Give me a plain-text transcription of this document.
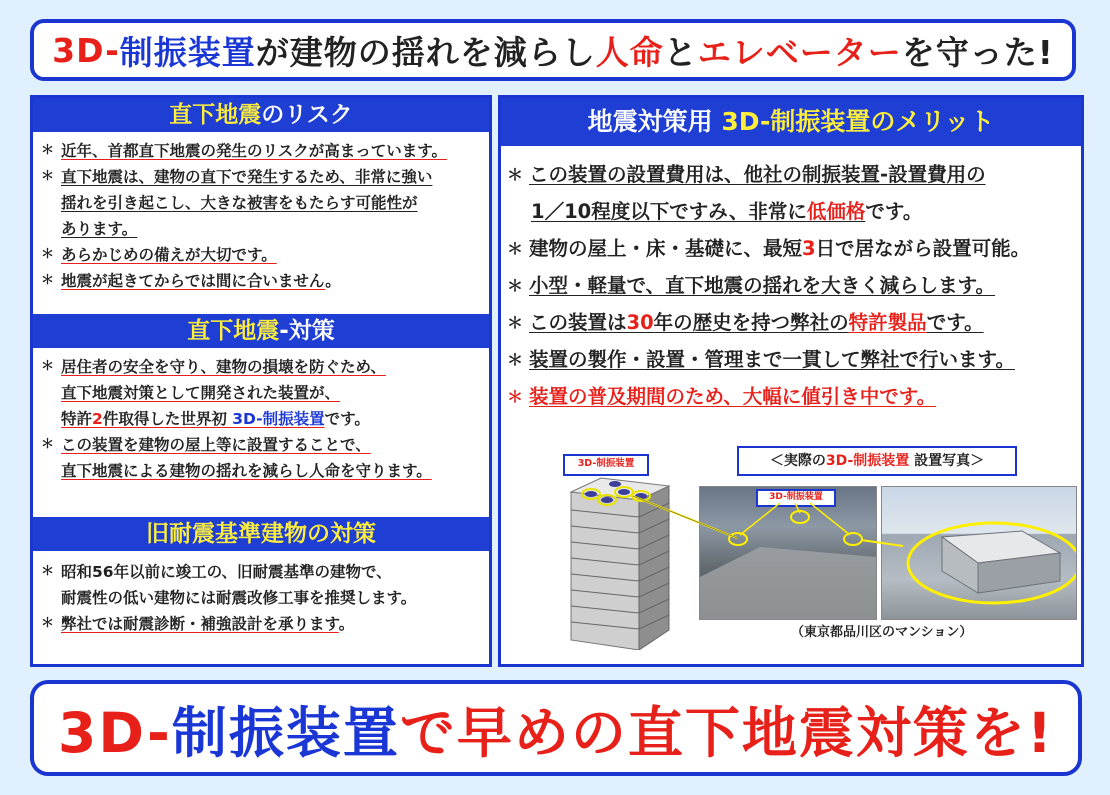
3D- 制振装置 が建物の揺れを減らし 人命 と エレベーター を守った!
直下地震のリスク
＊ 近年、首都直下地震の発生のリスクが高まっています。
＊ 直下地震は、建物の直下で発生するため、非常に強い
揺れを引き起こし、大きな被害をもたらす可能性が
あります。
＊ あらかじめの備えが大切です。
＊ 地震が起きてからでは間に合いません。
直下地震-対策
＊ 居住者の安全を守り、建物の損壊を防ぐため、
直下地震対策として開発された装置が、
特許2件取得した世界初 3D-制振装置です。
＊ この装置を建物の屋上等に設置することで、
直下地震による建物の揺れを減らし人命を守ります。
旧耐震基準建物の対策
＊ 昭和56年以前に竣工の、旧耐震基準の建物で、
耐震性の低い建物には耐震改修工事を推奨します。
＊ 弊社では耐震診断・補強設計を承ります。
地震対策用 3D-制振装置のメリット
＊ この装置の設置費用は、他社の制振装置-設置費用の
1／10程度以下ですみ、非常に低価格です。
＊ 建物の屋上・床・基礎に、最短3日で居ながら設置可能。
＊ 小型・軽量で、直下地震の揺れを大きく減らします。
＊ この装置は30年の歴史を持つ弊社の特許製品です。
＊ 装置の製作・設置・管理まで一貫して弊社で行います。
＊ 装置の普及期間のため、大幅に値引き中です。
＜実際の3D-制振装置 設置写真＞
3D-制振装置
3D-制振装置
（東京都品川区のマンション）
3D-制振装置 で早めの直下地震対策を!
